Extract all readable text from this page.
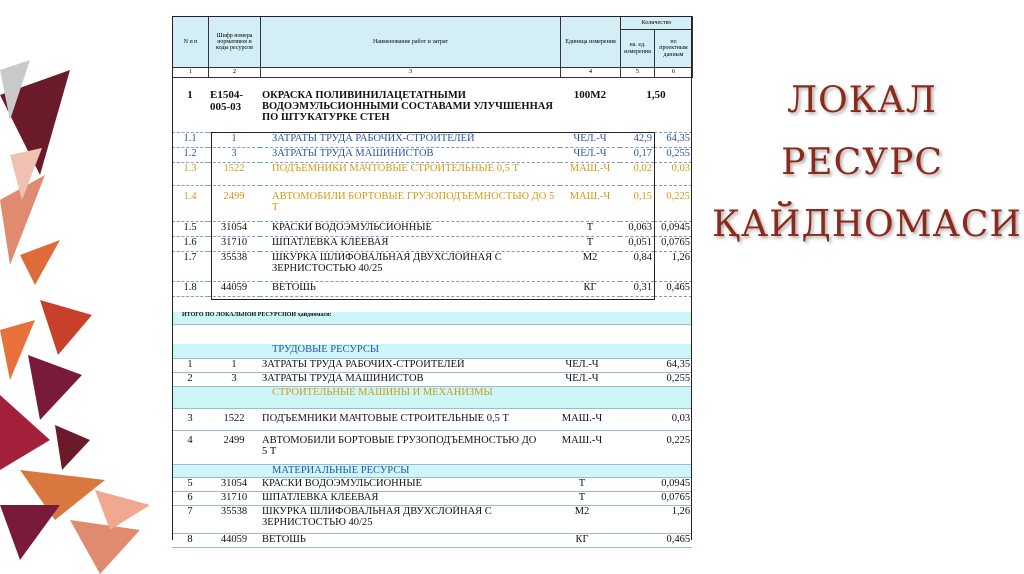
N п п	Шифр номера нормативов и коды ресурсов	Наименование работ и затрат	Единица измерения	Количество	
				на. ед. измерения	по проектным данным
1	2	3	4	5	6
1	Е1504-005-03	ОКРАСКА ПОЛИВИНИЛАЦЕТАТНЫМИ ВОДОЭМУЛЬСИОННЫМИ СОСТАВАМИ УЛУЧШЕННАЯ ПО ШТУКАТУРКЕ СТЕН	100М2	1,50	
1.1	1	ЗАТРАТЫ ТРУДА РАБОЧИХ-СТРОИТЕЛЕЙ	ЧЕЛ.-Ч	42,9	64,35
1.2	3	ЗАТРАТЫ ТРУДА МАШИНИСТОВ	ЧЕЛ.-Ч	0,17	0,255
1.3	1522	ПОДЪЕМНИКИ МАЧТОВЫЕ СТРОИТЕЛЬНЫЕ 0,5 Т	МАШ.-Ч	0,02	0,03
1.4	2499	АВТОМОБИЛИ БОРТОВЫЕ ГРУЗОПОДЪЕМНОСТЬЮ ДО 5 Т	МАШ.-Ч	0,15	0,225
1.5	31054	КРАСКИ ВОДОЭМУЛЬСИОННЫЕ	Т	0,063	0,0945
1.6	31710	ШПАТЛЕВКА КЛЕЕВАЯ	Т	0,051	0,0765
1.7	35538	ШКУРКА ШЛИФОВАЛЬНАЯ ДВУХСЛОЙНАЯ С ЗЕРНИСТОСТЬЮ 40/25	М2	0,84	1,26
1.8	44059	ВЕТОШЬ	КГ	0,31	0,465
ИТОГО ПО ЛОКАЛЬНОЙ РЕСУРСНОЙ ҳайдномаси:					

ТРУДОВЫЕ РЕСУРСЫ					
1	1	ЗАТРАТЫ ТРУДА РАБОЧИХ-СТРОИТЕЛЕЙ	ЧЕЛ.-Ч		64,35
2	3	ЗАТРАТЫ ТРУДА МАШИНИСТОВ	ЧЕЛ.-Ч		0,255
СТРОИТЕЛЬНЫЕ МАШИНЫ И МЕХАНИЗМЫ					
3	1522	ПОДЪЕМНИКИ МАЧТОВЫЕ СТРОИТЕЛЬНЫЕ 0,5 Т	МАШ.-Ч		0,03
4	2499	АВТОМОБИЛИ БОРТОВЫЕ ГРУЗОПОДЪЕМНОСТЬЮ ДО 5 Т	МАШ.-Ч		0,225
МАТЕРИАЛЬНЫЕ РЕСУРСЫ					
5	31054	КРАСКИ ВОДОЭМУЛЬСИОННЫЕ	Т		0,0945
6	31710	ШПАТЛЕВКА КЛЕЕВАЯ	Т		0,0765
7	35538	ШКУРКА ШЛИФОВАЛЬНАЯ ДВУХСЛОЙНАЯ С ЗЕРНИСТОСТЬЮ 40/25	М2		1,26
8	44059	ВЕТОШЬ	КГ		0,465
ЛОКАЛ
РЕСУРС
ҚАЙДНОМАСИ
